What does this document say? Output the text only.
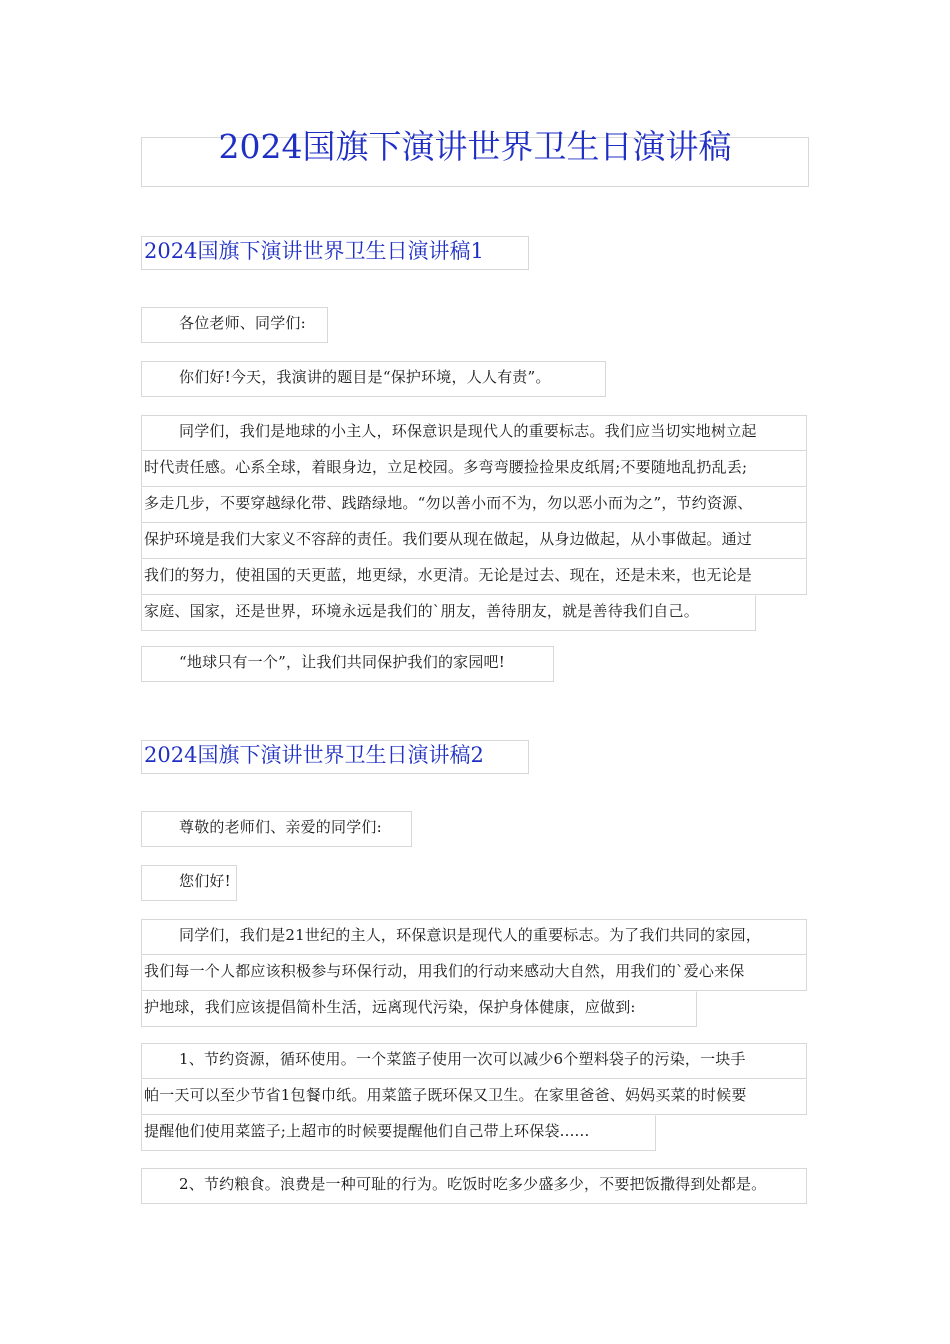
2024国旗下演讲世界卫生日演讲稿
2024国旗下演讲世界卫生日演讲稿1
各位老师、同学们:
你们好!今天，我演讲的题目是“保护环境，人人有责”。
同学们，我们是地球的小主人，环保意识是现代人的重要标志。我们应当切实地树立起
时代责任感。心系全球，着眼身边，立足校园。多弯弯腰捡捡果皮纸屑;不要随地乱扔乱丢;
多走几步，不要穿越绿化带、践踏绿地。“勿以善小而不为，勿以恶小而为之”，节约资源、
保护环境是我们大家义不容辞的责任。我们要从现在做起，从身边做起，从小事做起。通过
我们的努力，使祖国的天更蓝，地更绿，水更清。无论是过去、现在，还是未来，也无论是
家庭、国家，还是世界，环境永远是我们的`朋友，善待朋友，就是善待我们自己。
“地球只有一个”，让我们共同保护我们的家园吧!
2024国旗下演讲世界卫生日演讲稿2
尊敬的老师们、亲爱的同学们:
您们好!
同学们，我们是21世纪的主人，环保意识是现代人的重要标志。为了我们共同的家园，
我们每一个人都应该积极参与环保行动，用我们的行动来感动大自然，用我们的`爱心来保
护地球，我们应该提倡简朴生活，远离现代污染，保护身体健康，应做到:
1、节约资源，循环使用。一个菜篮子使用一次可以减少6个塑料袋子的污染，一块手
帕一天可以至少节省1包餐巾纸。用菜篮子既环保又卫生。在家里爸爸、妈妈买菜的时候要
提醒他们使用菜篮子;上超市的时候要提醒他们自己带上环保袋......
2、节约粮食。浪费是一种可耻的行为。吃饭时吃多少盛多少，不要把饭撒得到处都是。
